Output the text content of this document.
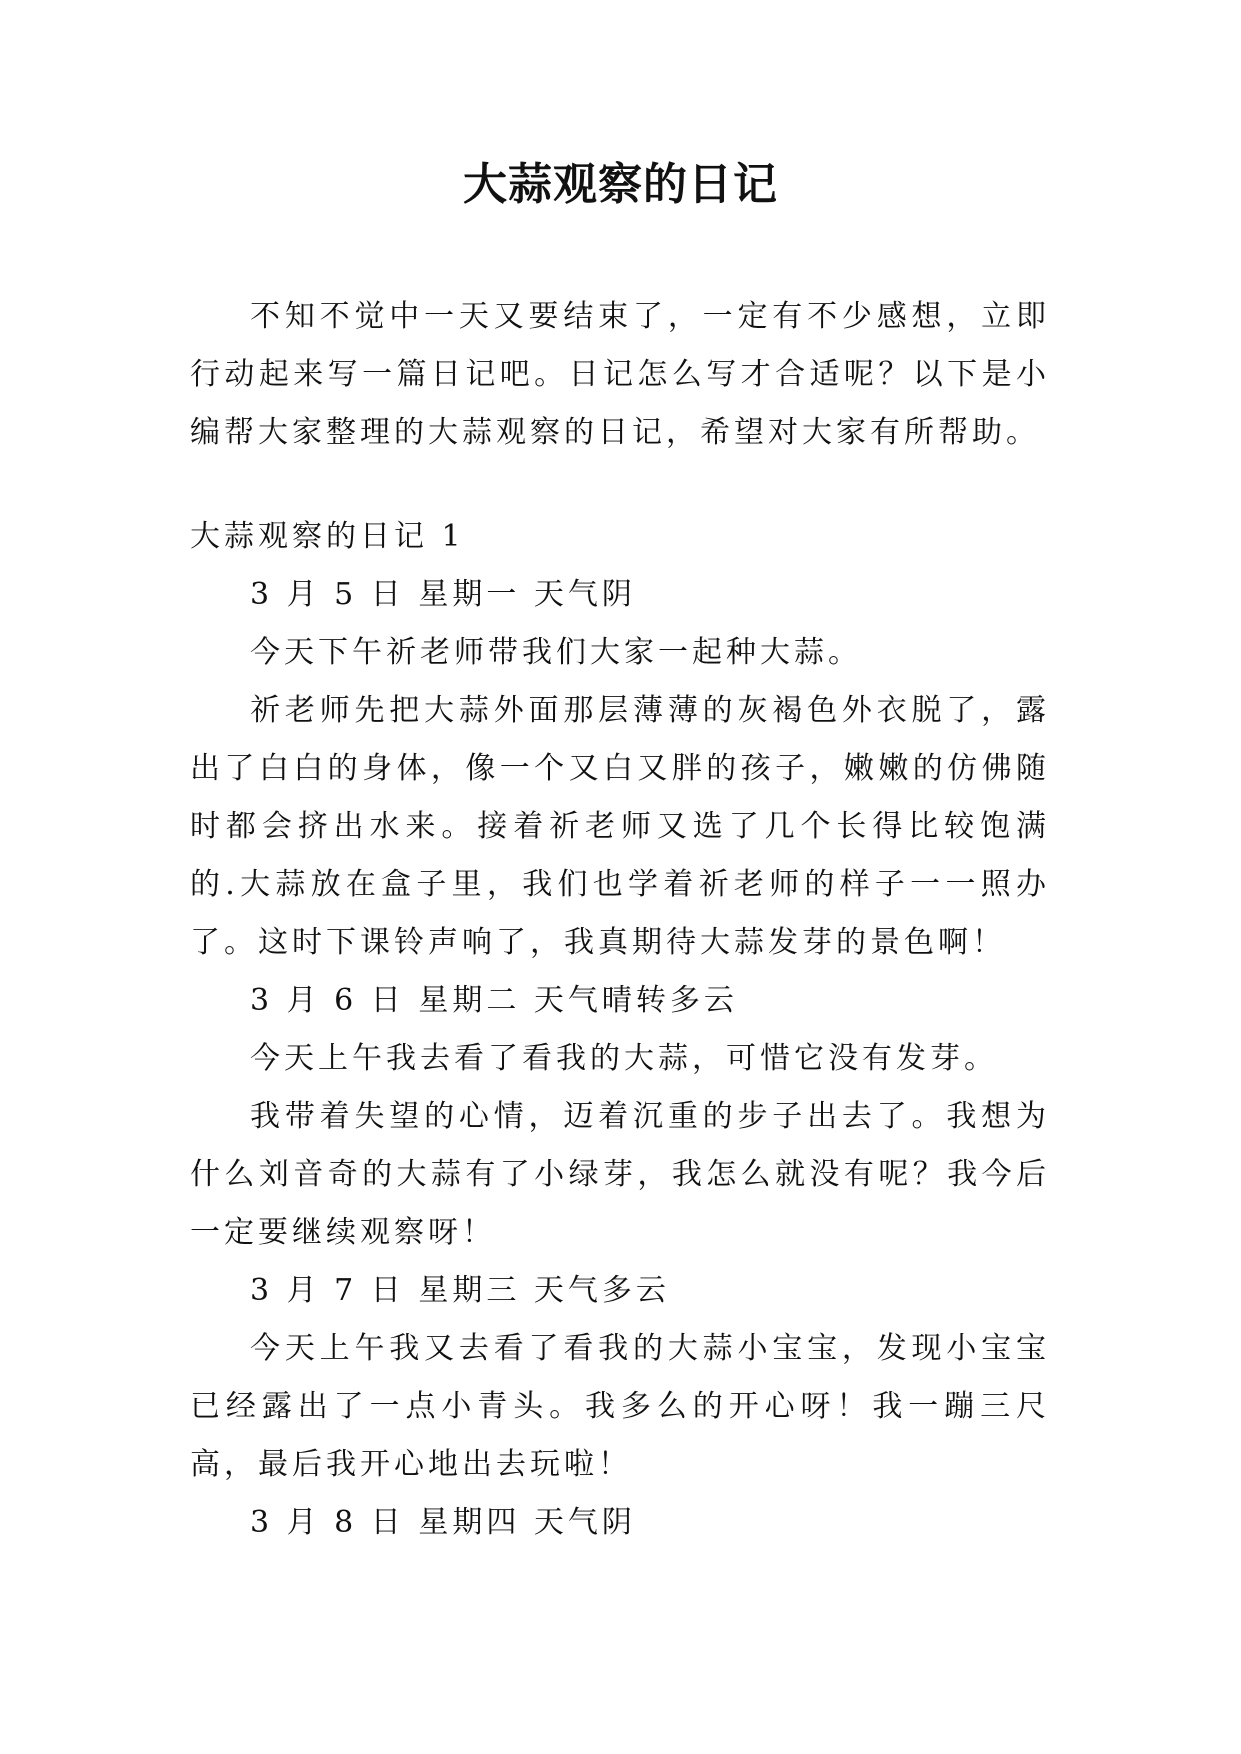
大蒜观察的日记

不知不觉中一天又要结束了，一定有不少感想，立即行动起来写一篇日记吧。日记怎么写才合适呢？以下是小编帮大家整理的大蒜观察的日记，希望对大家有所帮助。

大蒜观察的日记 1

3 月 5 日 星期一 天气阴

今天下午祈老师带我们大家一起种大蒜。

祈老师先把大蒜外面那层薄薄的灰褐色外衣脱了，露出了白白的身体，像一个又白又胖的孩子，嫩嫩的仿佛随时都会挤出水来。接着祈老师又选了几个长得比较饱满的.大蒜放在盒子里，我们也学着祈老师的样子一一照办了。这时下课铃声响了，我真期待大蒜发芽的景色啊！

3 月 6 日 星期二 天气晴转多云

今天上午我去看了看我的大蒜，可惜它没有发芽。

我带着失望的心情，迈着沉重的步子出去了。我想为什么刘音奇的大蒜有了小绿芽，我怎么就没有呢？我今后一定要继续观察呀！

3 月 7 日 星期三 天气多云

今天上午我又去看了看我的大蒜小宝宝，发现小宝宝已经露出了一点小青头。我多么的开心呀！我一蹦三尺高，最后我开心地出去玩啦！

3 月 8 日 星期四 天气阴
